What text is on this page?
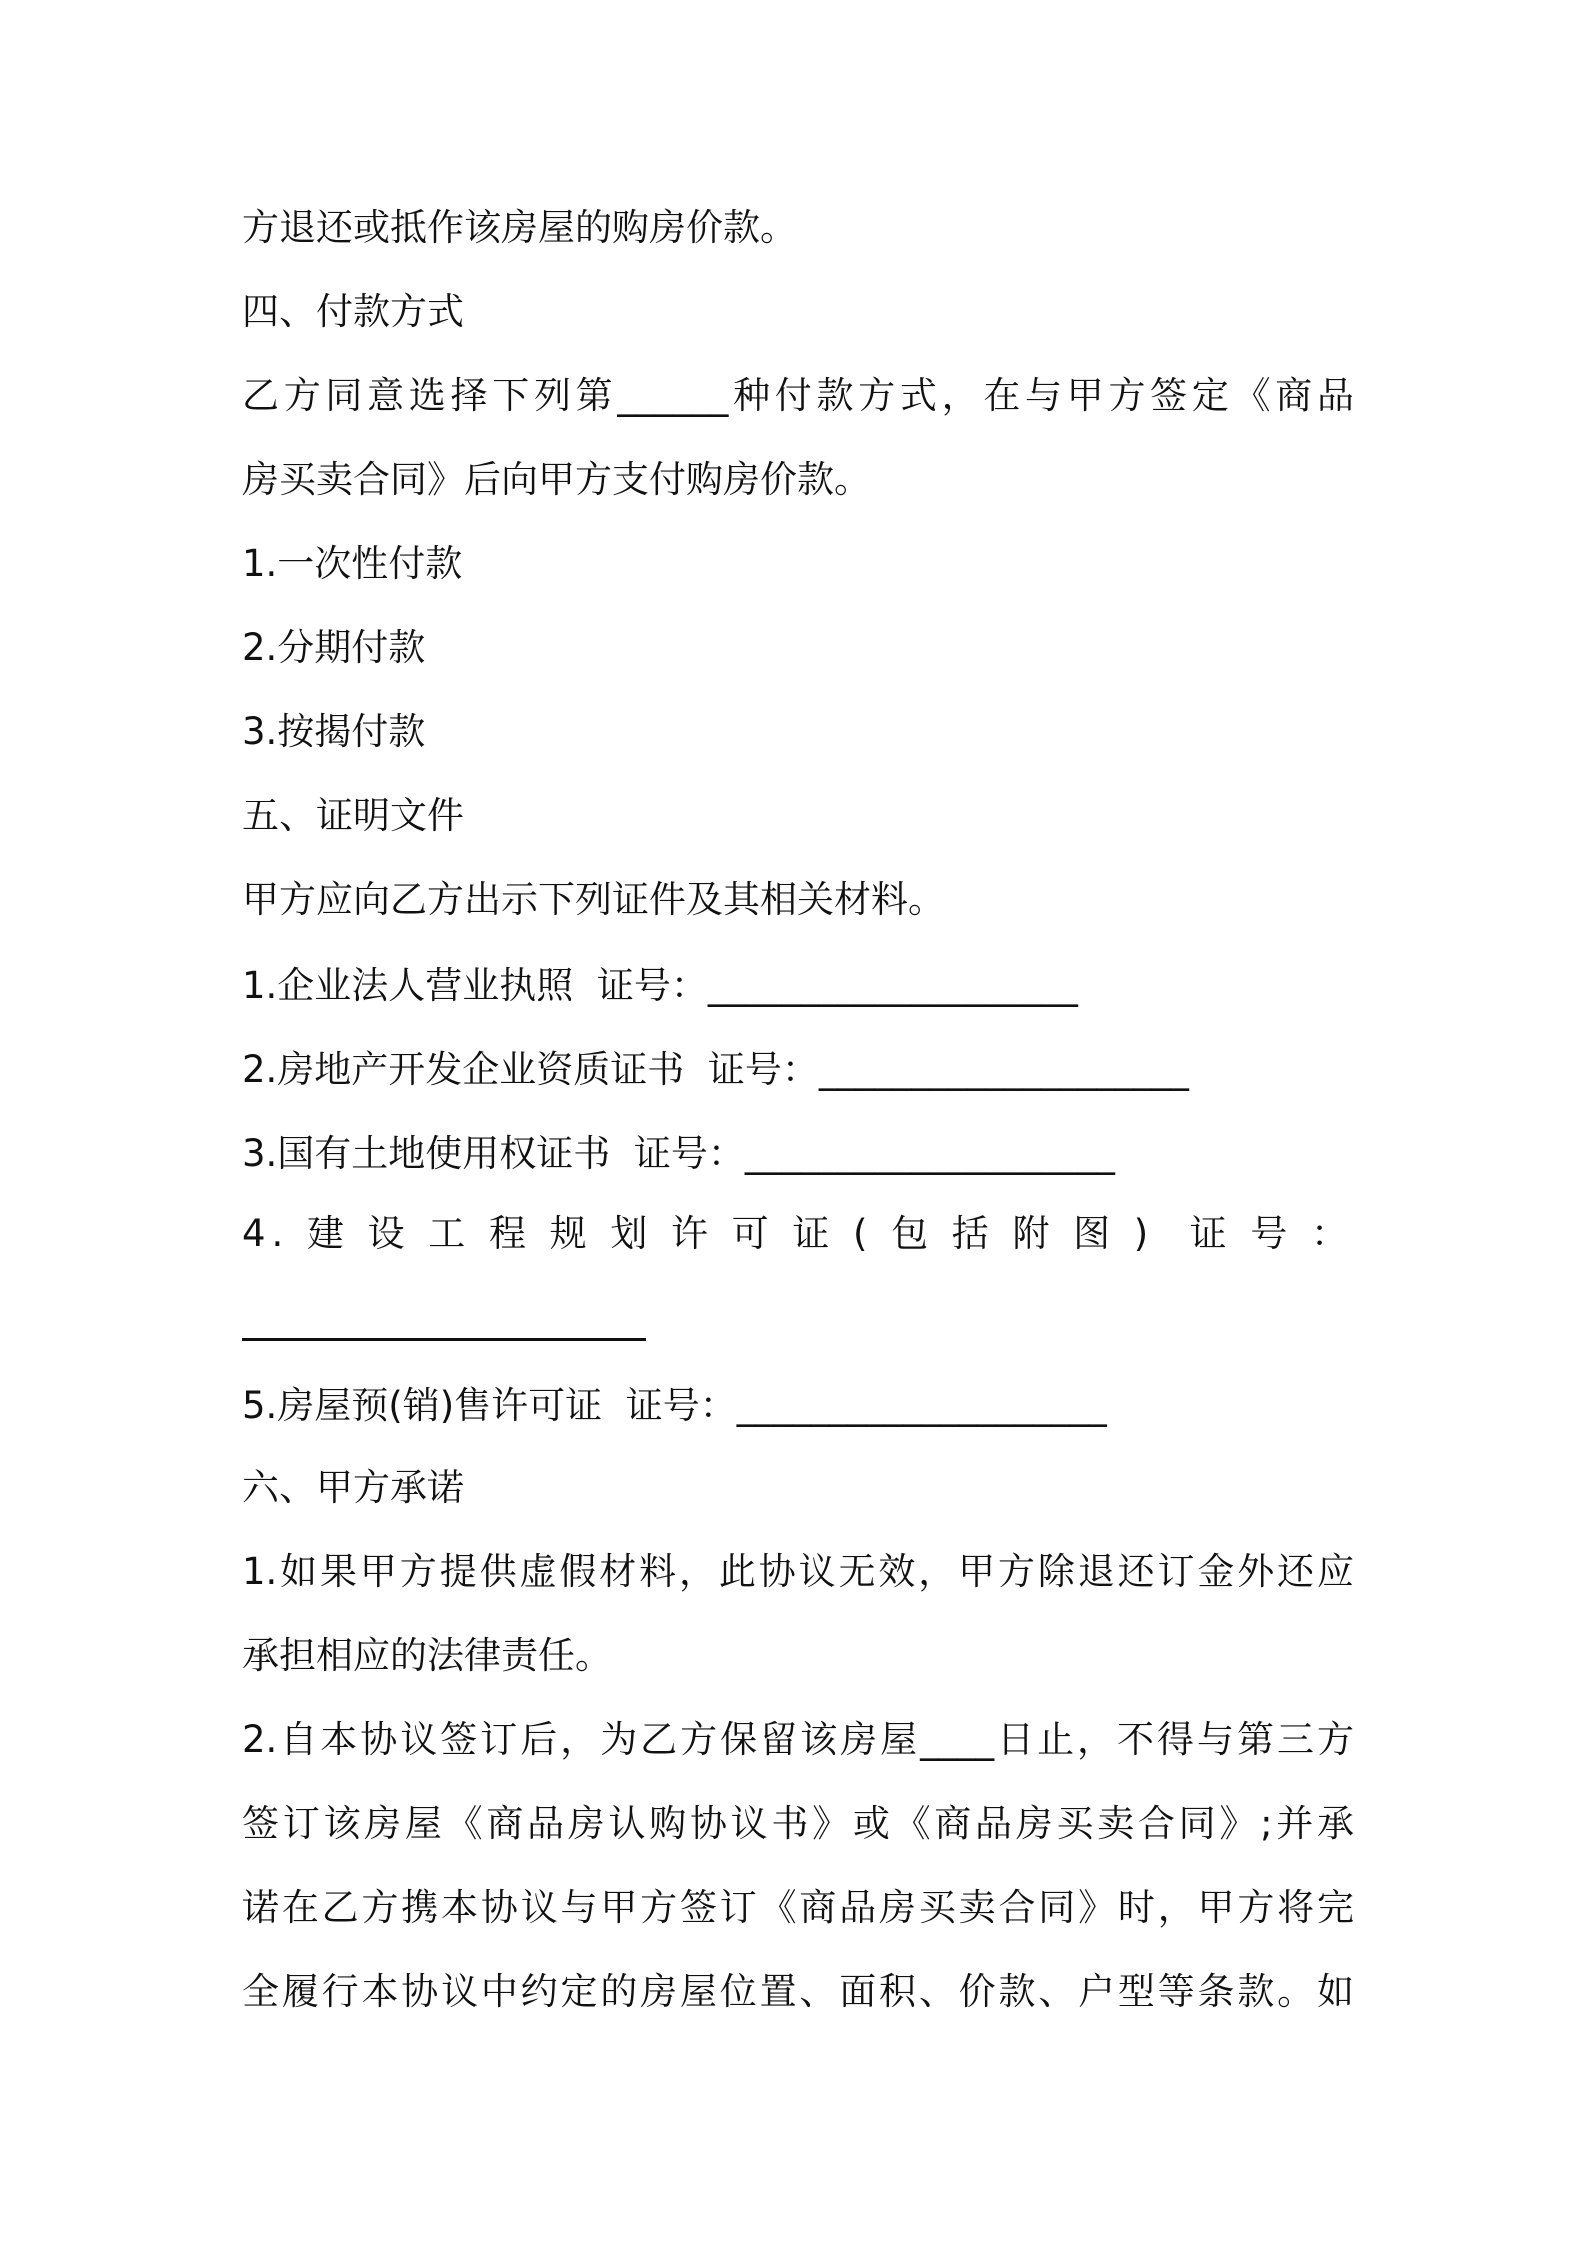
方退还或抵作该房屋的购房价款。

四、付款方式

乙方同意选择下列第______种付款方式，在与甲方签定《商品

房买卖合同》后向甲方支付购房价款。

1.一次性付款

2.分期付款

3.按揭付款

五、证明文件

甲方应向乙方出示下列证件及其相关材料。

1.企业法人营业执照  证号：____________________

2.房地产开发企业资质证书  证号：____________________

3.国有土地使用权证书  证号：____________________

4.建设工程规划许可证(包括附图) 证号：

5.房屋预(销)售许可证  证号：____________________

六、甲方承诺

1.如果甲方提供虚假材料，此协议无效，甲方除退还订金外还应

承担相应的法律责任。

2.自本协议签订后，为乙方保留该房屋____日止，不得与第三方

签订该房屋《商品房认购协议书》或《商品房买卖合同》;并承

诺在乙方携本协议与甲方签订《商品房买卖合同》时，甲方将完

全履行本协议中约定的房屋位置、面积、价款、户型等条款。如
